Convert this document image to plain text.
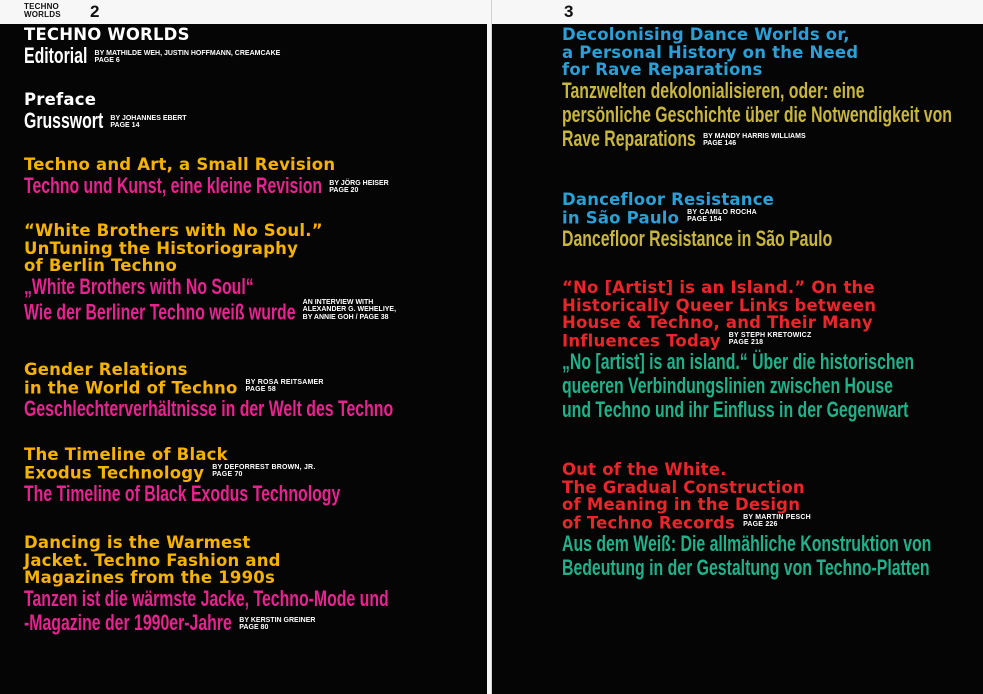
TECHNO
WORLDS 2
TECHNO WORLDS
Editorial BY MATHILDE WEH, JUSTIN HOFFMANN, CREAMCAKE
PAGE 6
Preface
Grusswort BY JOHANNES EBERT
PAGE 14
Techno and Art, a Small Revision
Techno und Kunst, eine kleine Revision BY JÖRG HEISER
PAGE 20
“White Brothers with No Soul.”
UnTuning the Historiography
of Berlin Techno
„White Brothers with No Soul“
Wie der Berliner Techno weiß wurde AN INTERVIEW WITH
ALEXANDER G. WEHELIYE,
BY ANNIE GOH / PAGE 38
Gender Relations
in the World of Techno BY ROSA REITSAMER
PAGE 58
Geschlechterverhältnisse in der Welt des Techno
The Timeline of Black
Exodus Technology BY DEFORREST BROWN, JR.
PAGE 70
The Timeline of Black Exodus Technology
Dancing is the Warmest
Jacket. Techno Fashion and
Magazines from the 1990s
Tanzen ist die wärmste Jacke, Techno-Mode und
-Magazine der 1990er-Jahre BY KERSTIN GREINER
PAGE 80
3
Decolonising Dance Worlds or,
a Personal History on the Need
for Rave Reparations
Tanzwelten dekolonialisieren, oder: eine
persönliche Geschichte über die Notwendigkeit von
Rave Reparations BY MANDY HARRIS WILLIAMS
PAGE 146
Dancefloor Resistance
in São Paulo BY CAMILO ROCHA
PAGE 154
Dancefloor Resistance in São Paulo
“No [Artist] is an Island.” On the
Historically Queer Links between
House & Techno, and Their Many
Influences Today BY STEPH KRETOWICZ
PAGE 218
„No [artist] is an island.“ Über die historischen
queeren Verbindungslinien zwischen House
und Techno und ihr Einfluss in der Gegenwart
Out of the White.
The Gradual Construction
of Meaning in the Design
of Techno Records BY MARTIN PESCH
PAGE 226
Aus dem Weiß: Die allmähliche Konstruktion von
Bedeutung in der Gestaltung von Techno-Platten
